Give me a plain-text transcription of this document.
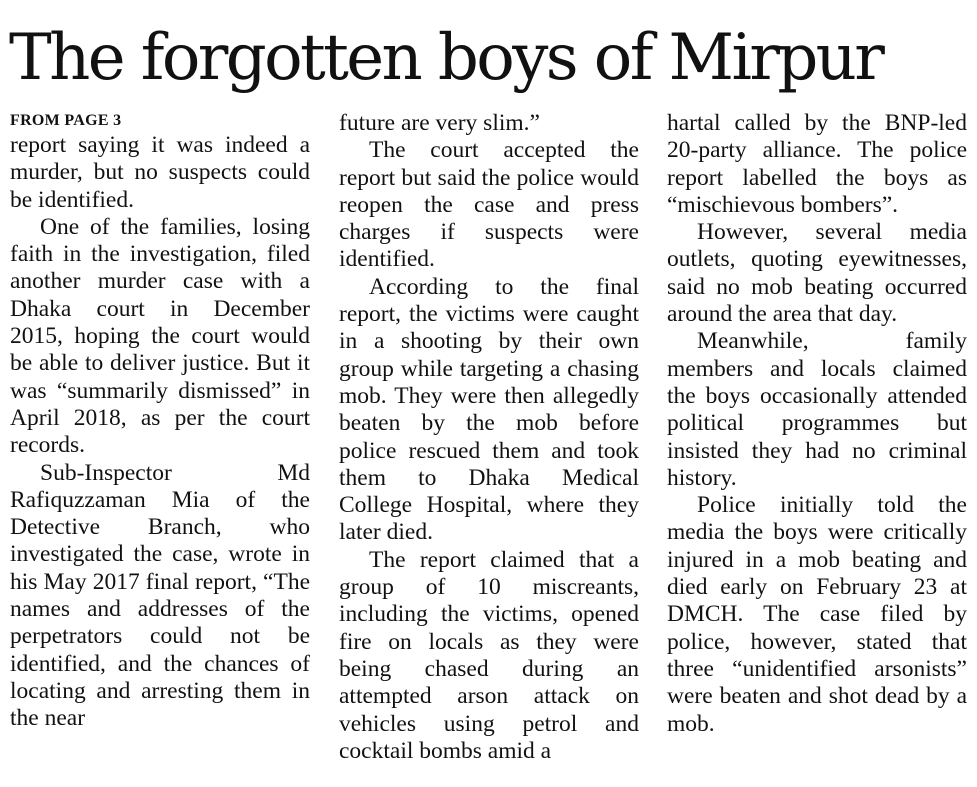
The forgotten boys of Mirpur
FROM PAGE 3

report saying it was indeed a murder, but no suspects could be identified.

One of the families, losing faith in the investigation, filed another murder case with a Dhaka court in December 2015, hoping the court would be able to deliver justice. But it was “summarily dismissed” in April 2018, as per the court records.

Sub-Inspector Md Rafiquzzaman Mia of the Detective Branch, who investigated the case, wrote in his May 2017 final report, “The names and addresses of the perpetrators could not be identified, and the chances of locating and arresting them in the near

future are very slim.”

The court accepted the report but said the police would reopen the case and press charges if suspects were identified.

According to the final report, the victims were caught in a shooting by their own group while targeting a chasing mob. They were then allegedly beaten by the mob before police rescued them and took them to Dhaka Medical College Hospital, where they later died.

The report claimed that a group of 10 miscreants, including the victims, opened fire on locals as they were being chased during an attempted arson attack on vehicles using petrol and cocktail bombs amid a

hartal called by the BNP-led 20-party alliance. The police report labelled the boys as “mischievous bombers”.

However, several media outlets, quoting eyewitnesses, said no mob beating occurred around the area that day.

Meanwhile, family members and locals claimed the boys occasionally attended political programmes but insisted they had no criminal history.

Police initially told the media the boys were critically injured in a mob beating and died early on February 23 at DMCH. The case filed by police, however, stated that three “unidentified arsonists” were beaten and shot dead by a mob.
